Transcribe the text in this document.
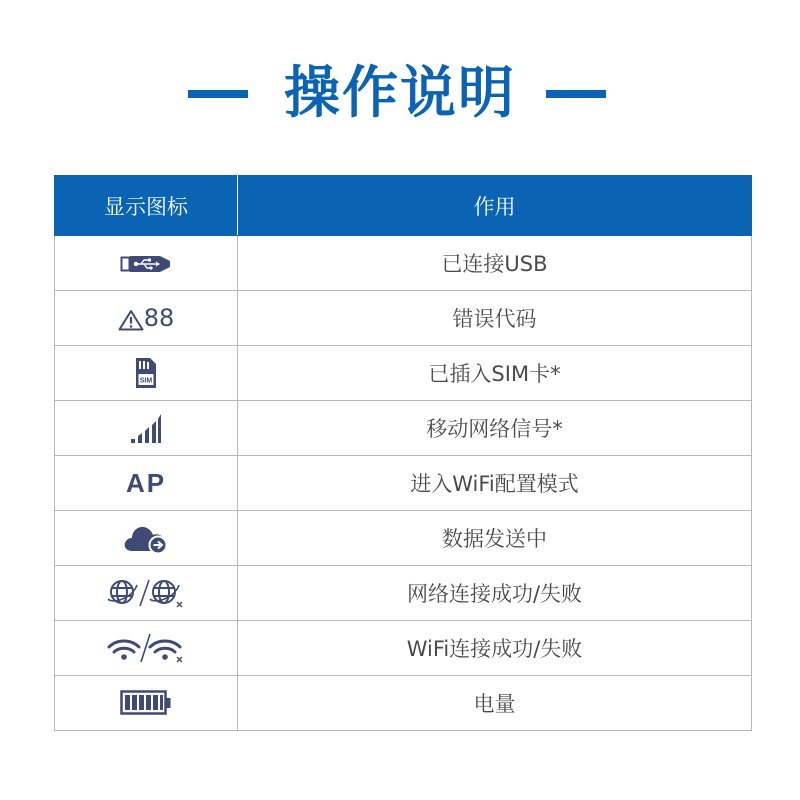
操作说明
显示图标	作用
	已连接USB
88	错误代码

SIM	已插入SIM卡*
	移动网络信号*
AP	进入WiFi配置模式
	数据发送中
	网络连接成功/失败
	WiFi连接成功/失败
	电量
